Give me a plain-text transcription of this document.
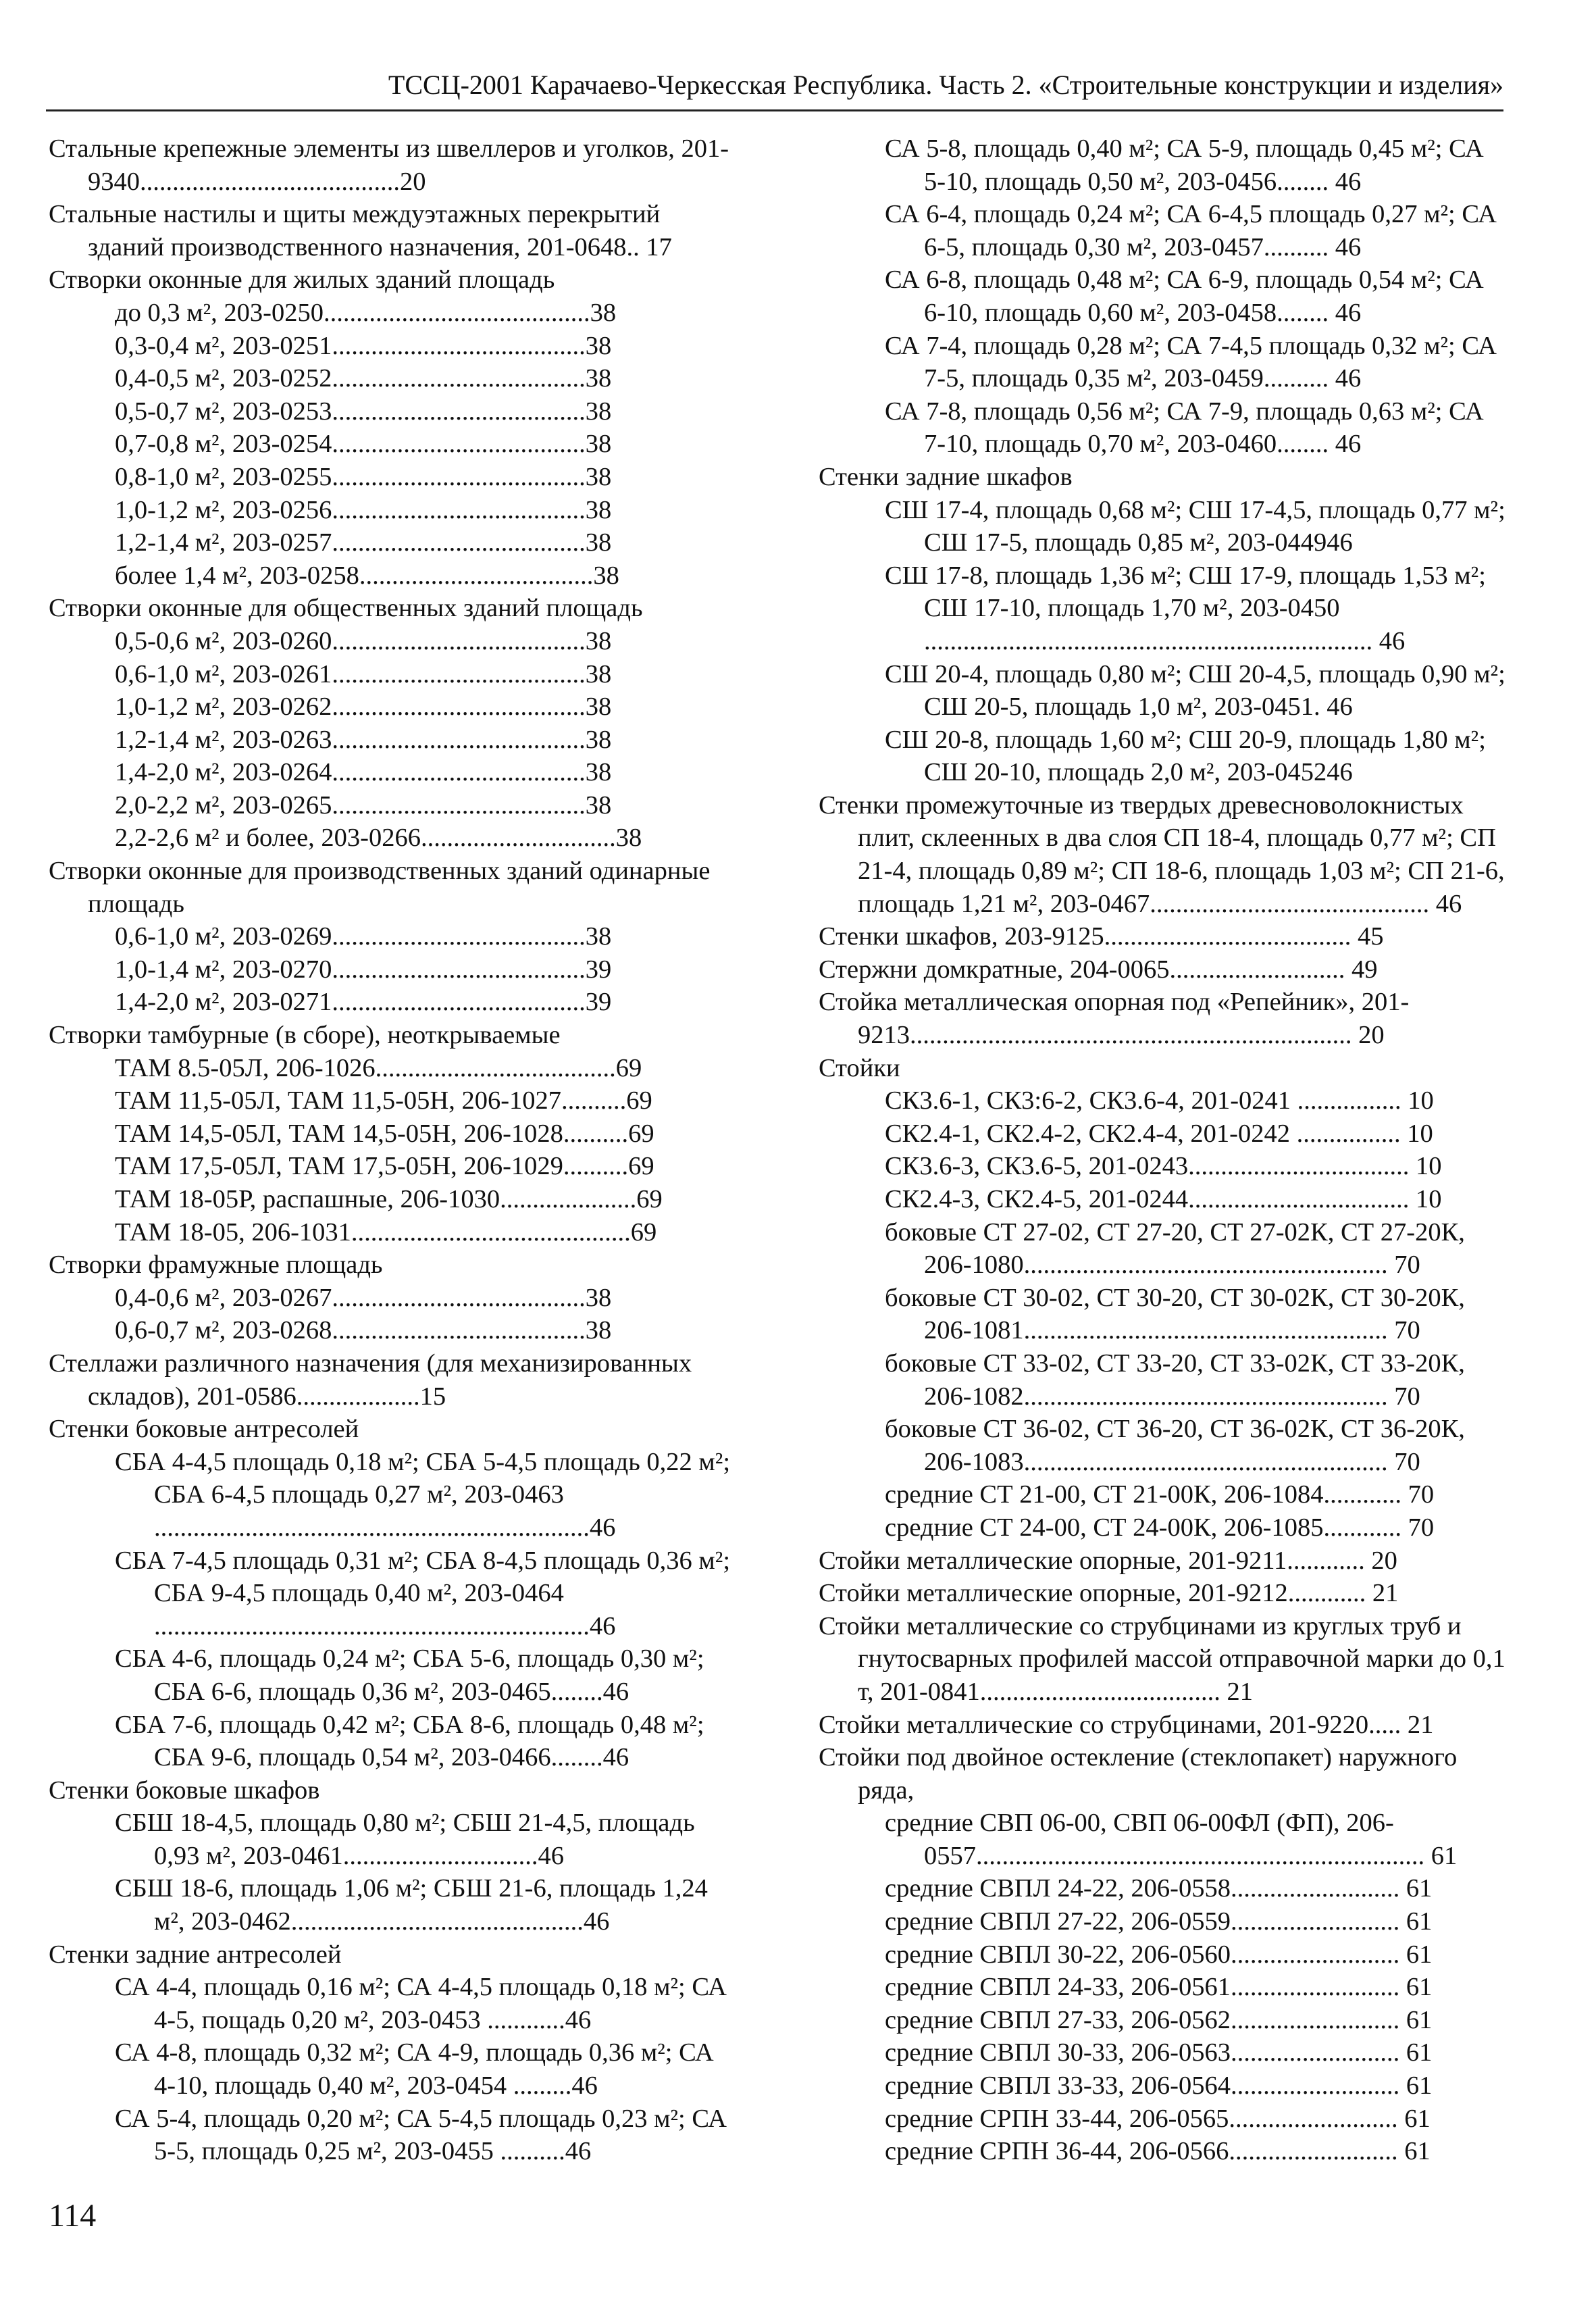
ТССЦ-2001 Карачаево-Черкесская Республика. Часть 2. «Строительные конструкции и изделия»
Стальные крепежные элементы из швеллеров и уголков, 201-9340........................................20
Стальные настилы и щиты междуэтажных перекрытий зданий производственного назначения, 201-0648.. 17
Створки оконные для жилых зданий площадь
до 0,3 м², 203-0250.........................................38
0,3-0,4 м², 203-0251.......................................38
0,4-0,5 м², 203-0252.......................................38
0,5-0,7 м², 203-0253.......................................38
0,7-0,8 м², 203-0254.......................................38
0,8-1,0 м², 203-0255.......................................38
1,0-1,2 м², 203-0256.......................................38
1,2-1,4 м², 203-0257.......................................38
более 1,4 м², 203-0258....................................38
Створки оконные для общественных зданий площадь
0,5-0,6 м², 203-0260.......................................38
0,6-1,0 м², 203-0261.......................................38
1,0-1,2 м², 203-0262.......................................38
1,2-1,4 м², 203-0263.......................................38
1,4-2,0 м², 203-0264.......................................38
2,0-2,2 м², 203-0265.......................................38
2,2-2,6 м² и более, 203-0266..............................38
Створки оконные для производственных зданий одинарные площадь
0,6-1,0 м², 203-0269.......................................38
1,0-1,4 м², 203-0270.......................................39
1,4-2,0 м², 203-0271.......................................39
Створки тамбурные (в сборе), неоткрываемые
ТАМ 8.5-05Л, 206-1026.....................................69
ТАМ 11,5-05Л, ТАМ 11,5-05Н, 206-1027..........69
ТАМ 14,5-05Л, ТАМ 14,5-05Н, 206-1028..........69
ТАМ 17,5-05Л, ТАМ 17,5-05Н, 206-1029..........69
ТАМ 18-05Р, распашные, 206-1030.....................69
ТАМ 18-05, 206-1031...........................................69
Створки фрамужные площадь
0,4-0,6 м², 203-0267.......................................38
0,6-0,7 м², 203-0268.......................................38
Стеллажи различного назначения (для механизированных складов), 201-0586...................15
Стенки боковые антресолей
СБА 4-4,5 площадь 0,18 м²; СБА 5-4,5 площадь 0,22 м²; СБА 6-4,5 площадь 0,27 м², 203-0463 ...................................................................46
СБА 7-4,5 площадь 0,31 м²; СБА 8-4,5 площадь 0,36 м²; СБА 9-4,5 площадь 0,40 м², 203-0464 ...................................................................46
СБА 4-6, площадь 0,24 м²; СБА 5-6, площадь 0,30 м²; СБА 6-6, площадь 0,36 м², 203-0465........46
СБА 7-6, площадь 0,42 м²; СБА 8-6, площадь 0,48 м²; СБА 9-6, площадь 0,54 м², 203-0466........46
Стенки боковые шкафов
СБШ 18-4,5, площадь 0,80 м²; СБШ 21-4,5, площадь 0,93 м², 203-0461..............................46
СБШ 18-6, площадь 1,06 м²; СБШ 21-6, площадь 1,24 м², 203-0462.............................................46
Стенки задние антресолей
СА 4-4, площадь 0,16 м²; СА 4-4,5 площадь 0,18 м²; СА 4-5, пощадь 0,20 м², 203-0453 ............46
СА 4-8, площадь 0,32 м²; СА 4-9, площадь 0,36 м²; СА 4-10, площадь 0,40 м², 203-0454 .........46
СА 5-4, площадь 0,20 м²; СА 5-4,5 площадь 0,23 м²; СА 5-5, площадь 0,25 м², 203-0455 ..........46
СА 5-8, площадь 0,40 м²; СА 5-9, площадь 0,45 м²; СА 5-10, площадь 0,50 м², 203-0456........ 46
СА 6-4, площадь 0,24 м²; СА 6-4,5 площадь 0,27 м²; СА 6-5, площадь 0,30 м², 203-0457.......... 46
СА 6-8, площадь 0,48 м²; СА 6-9, площадь 0,54 м²; СА 6-10, площадь 0,60 м², 203-0458........ 46
СА 7-4, площадь 0,28 м²; СА 7-4,5 площадь 0,32 м²; СА 7-5, площадь 0,35 м², 203-0459.......... 46
СА 7-8, площадь 0,56 м²; СА 7-9, площадь 0,63 м²; СА 7-10, площадь 0,70 м², 203-0460........ 46
Стенки задние шкафов
СШ 17-4, площадь 0,68 м²; СШ 17-4,5, площадь 0,77 м²; СШ 17-5, площадь 0,85 м², 203-044946
СШ 17-8, площадь 1,36 м²; СШ 17-9, площадь 1,53 м²; СШ 17-10, площадь 1,70 м², 203-0450 ..................................................................... 46
СШ 20-4, площадь 0,80 м²; СШ 20-4,5, площадь 0,90 м²; СШ 20-5, площадь 1,0 м², 203-0451. 46
СШ 20-8, площадь 1,60 м²; СШ 20-9, площадь 1,80 м²; СШ 20-10, площадь 2,0 м², 203-045246
Стенки промежуточные из твердых древесноволокнистых плит, склеенных в два слоя СП 18-4, площадь 0,77 м²; СП 21-4, площадь 0,89 м²; СП 18-6, площадь 1,03 м²; СП 21-6, площадь 1,21 м², 203-0467........................................... 46
Стенки шкафов, 203-9125...................................... 45
Стержни домкратные, 204-0065........................... 49
Стойка металлическая опорная под «Репейник», 201-9213.................................................................... 20
Стойки
СК3.6-1, СК3:6-2, СК3.6-4, 201-0241 ................ 10
СК2.4-1, СК2.4-2, СК2.4-4, 201-0242 ................ 10
СК3.6-3, СК3.6-5, 201-0243.................................. 10
СК2.4-3, СК2.4-5, 201-0244.................................. 10
боковые СТ 27-02, СТ 27-20, СТ 27-02К, СТ 27-20К, 206-1080........................................................ 70
боковые СТ 30-02, СТ 30-20, СТ 30-02К, СТ 30-20К, 206-1081........................................................ 70
боковые СТ 33-02, СТ 33-20, СТ 33-02К, СТ 33-20К, 206-1082........................................................ 70
боковые СТ 36-02, СТ 36-20, СТ 36-02К, СТ 36-20К, 206-1083........................................................ 70
средние СТ 21-00, СТ 21-00К, 206-1084............ 70
средние СТ 24-00, СТ 24-00К, 206-1085............ 70
Стойки металлические опорные, 201-9211............ 20
Стойки металлические опорные, 201-9212............ 21
Стойки металлические со струбцинами из круглых труб и гнутосварных профилей массой отправочной марки до 0,1 т, 201-0841..................................... 21
Стойки металлические со струбцинами, 201-9220..... 21
Стойки под двойное остекление (стеклопакет) наружного ряда,
средние СВП 06-00, СВП 06-00ФЛ (ФП), 206-0557..................................................................... 61
средние СВПЛ 24-22, 206-0558.......................... 61
средние СВПЛ 27-22, 206-0559.......................... 61
средние СВПЛ 30-22, 206-0560.......................... 61
средние СВПЛ 24-33, 206-0561.......................... 61
средние СВПЛ 27-33, 206-0562.......................... 61
средние СВПЛ 30-33, 206-0563.......................... 61
средние СВПЛ 33-33, 206-0564.......................... 61
средние СРПН 33-44, 206-0565.......................... 61
средние СРПН 36-44, 206-0566.......................... 61
114
